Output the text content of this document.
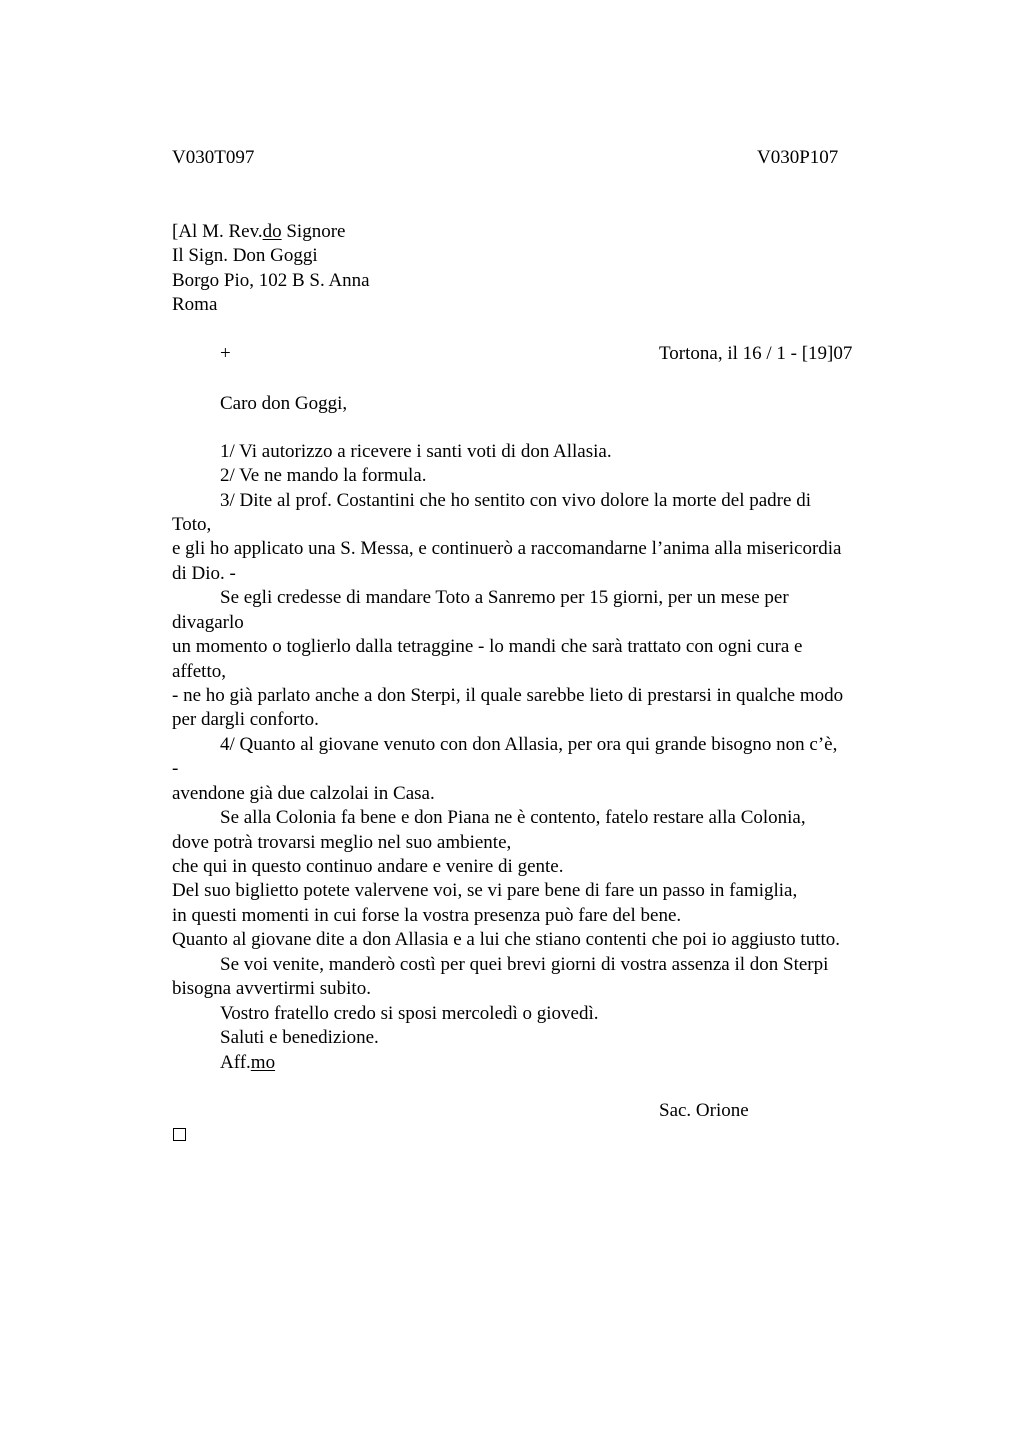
V030T097	V030P107
[Al M. Rev.do Signore
Il Sign. Don Goggi
Borgo Pio, 102 B S. Anna
Roma
+	Tortona, il 16 / 1 - [19]07
Caro don Goggi,
1/ Vi autorizzo a ricevere i santi voti di don Allasia.
2/ Ve ne mando la formula.
3/ Dite al prof. Costantini che ho sentito con vivo dolore la morte del padre di
Toto,
e gli ho applicato una S. Messa, e continuerò a raccomandarne l’anima alla misericordia
di Dio. -
Se egli credesse di mandare Toto a Sanremo per 15 giorni, per un mese per
divagarlo
un momento o toglierlo dalla tetraggine - lo mandi che sarà trattato con ogni cura e
affetto,
- ne ho già parlato anche a don Sterpi, il quale sarebbe lieto di prestarsi in qualche modo
per dargli conforto.
4/ Quanto al giovane venuto con don Allasia, per ora qui grande bisogno non c’è,
-
avendone già due calzolai in Casa.
Se alla Colonia fa bene e don Piana ne è contento, fatelo restare alla Colonia,
dove potrà trovarsi meglio nel suo ambiente,
che qui in questo continuo andare e venire di gente.
Del suo biglietto potete valervene voi, se vi pare bene di fare un passo in famiglia,
in questi momenti in cui forse la vostra presenza può fare del bene.
Quanto al giovane dite a don Allasia e a lui che stiano contenti che poi io aggiusto tutto.
Se voi venite, manderò costì per quei brevi giorni di vostra assenza il don Sterpi
bisogna avvertirmi subito.
Vostro fratello credo si sposi mercoledì o giovedì.
Saluti e benedizione.
Aff.mo
Sac. Orione
